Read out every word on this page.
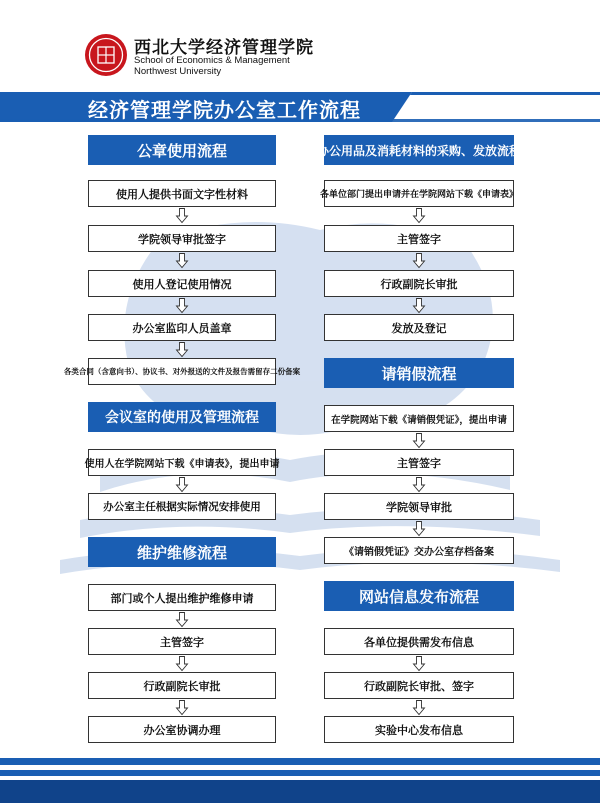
西北大学经济管理学院
School of Economics & Management
Northwest University
经济管理学院办公室工作流程
公章使用流程
使用人提供书面文字性材料
学院领导审批签字
使用人登记使用情况
办公室监印人员盖章
各类合同（含意向书）、协议书、对外报送的文件及报告需留存二份备案
会议室的使用及管理流程
使用人在学院网站下载《申请表》，提出申请
办公室主任根据实际情况安排使用
维护维修流程
部门或个人提出维护维修申请
主管签字
行政副院长审批
办公室协调办理
办公用品及消耗材料的采购、发放流程
各单位部门提出申请并在学院网站下载《申请表》
主管签字
行政副院长审批
发放及登记
请销假流程
在学院网站下载《请销假凭证》，提出申请
主管签字
学院领导审批
《请销假凭证》交办公室存档备案
网站信息发布流程
各单位提供需发布信息
行政副院长审批、签字
实验中心发布信息
